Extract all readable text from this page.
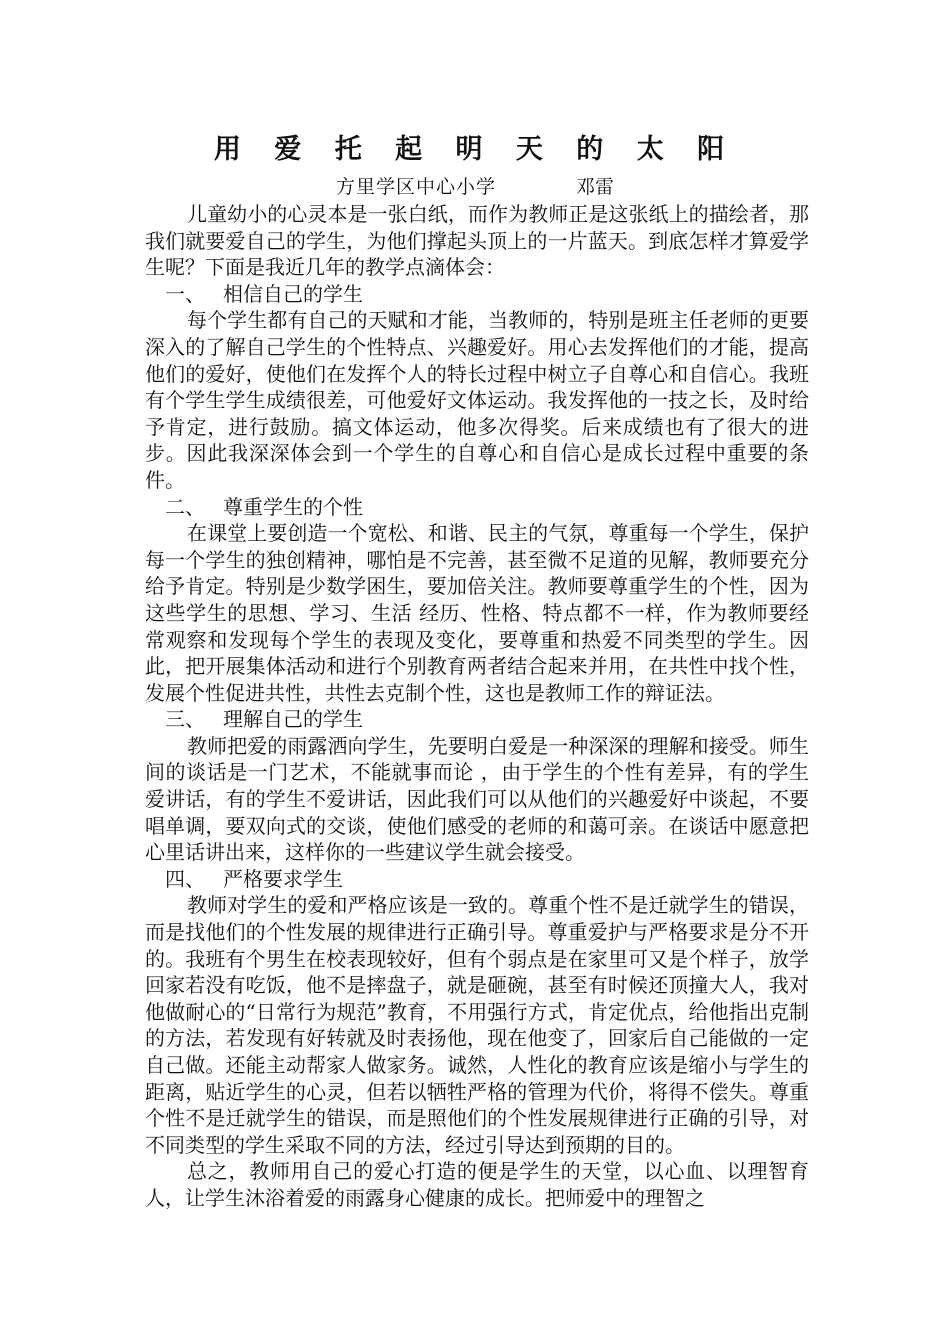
用 爱 托 起 明 天 的 太 阳
方里学区中心小学	邓雷

儿童幼小的心灵本是一张白纸，而作为教师正是这张纸上的描绘者，那我们就要爱自己的学生，为他们撑起头顶上的一片蓝天。到底怎样才算爱学生呢？下面是我近几年的教学点滴体会：

一、 相信自己的学生

每个学生都有自己的天赋和才能，当教师的，特别是班主任老师的更要深入的了解自己学生的个性特点、兴趣爱好。用心去发挥他们的才能，提高他们的爱好，使他们在发挥个人的特长过程中树立子自尊心和自信心。我班有个学生学生成绩很差，可他爱好文体运动。我发挥他的一技之长，及时给予肯定，进行鼓励。搞文体运动，他多次得奖。后来成绩也有了很大的进步。因此我深深体会到一个学生的自尊心和自信心是成长过程中重要的条件。

二、 尊重学生的个性

在课堂上要创造一个宽松、和谐、民主的气氛，尊重每一个学生，保护每一个学生的独创精神，哪怕是不完善，甚至微不足道的见解，教师要充分给予肯定。特别是少数学困生，要加倍关注。教师要尊重学生的个性，因为这些学生的思想、学习、生活 经历、性格、特点都不一样，作为教师要经常观察和发现每个学生的表现及变化，要尊重和热爱不同类型的学生。因此，把开展集体活动和进行个别教育两者结合起来并用，在共性中找个性，发展个性促进共性，共性去克制个性，这也是教师工作的辩证法。

三、 理解自己的学生

教师把爱的雨露洒向学生，先要明白爱是一种深深的理解和接受。师生间的谈话是一门艺术，不能就事而论 ，由于学生的个性有差异，有的学生爱讲话，有的学生不爱讲话，因此我们可以从他们的兴趣爱好中谈起，不要唱单调，要双向式的交谈，使他们感受的老师的和蔼可亲。在谈话中愿意把心里话讲出来，这样你的一些建议学生就会接受。

四、 严格要求学生

教师对学生的爱和严格应该是一致的。尊重个性不是迁就学生的错误，而是找他们的个性发展的规律进行正确引导。尊重爱护与严格要求是分不开的。我班有个男生在校表现较好，但有个弱点是在家里可又是个样子，放学回家若没有吃饭，他不是摔盘子，就是砸碗，甚至有时候还顶撞大人，我对他做耐心的“日常行为规范”教育，不用强行方式，肯定优点，给他指出克制的方法，若发现有好转就及时表扬他，现在他变了，回家后自己能做的一定自己做。还能主动帮家人做家务。诚然，人性化的教育应该是缩小与学生的距离，贴近学生的心灵，但若以牺牲严格的管理为代价，将得不偿失。尊重个性不是迁就学生的错误，而是照他们的个性发展规律进行正确的引导，对不同类型的学生采取不同的方法，经过引导达到预期的目的。

总之，教师用自己的爱心打造的便是学生的天堂，以心血、以理智育人，让学生沐浴着爱的雨露身心健康的成长。把师爱中的理智之
